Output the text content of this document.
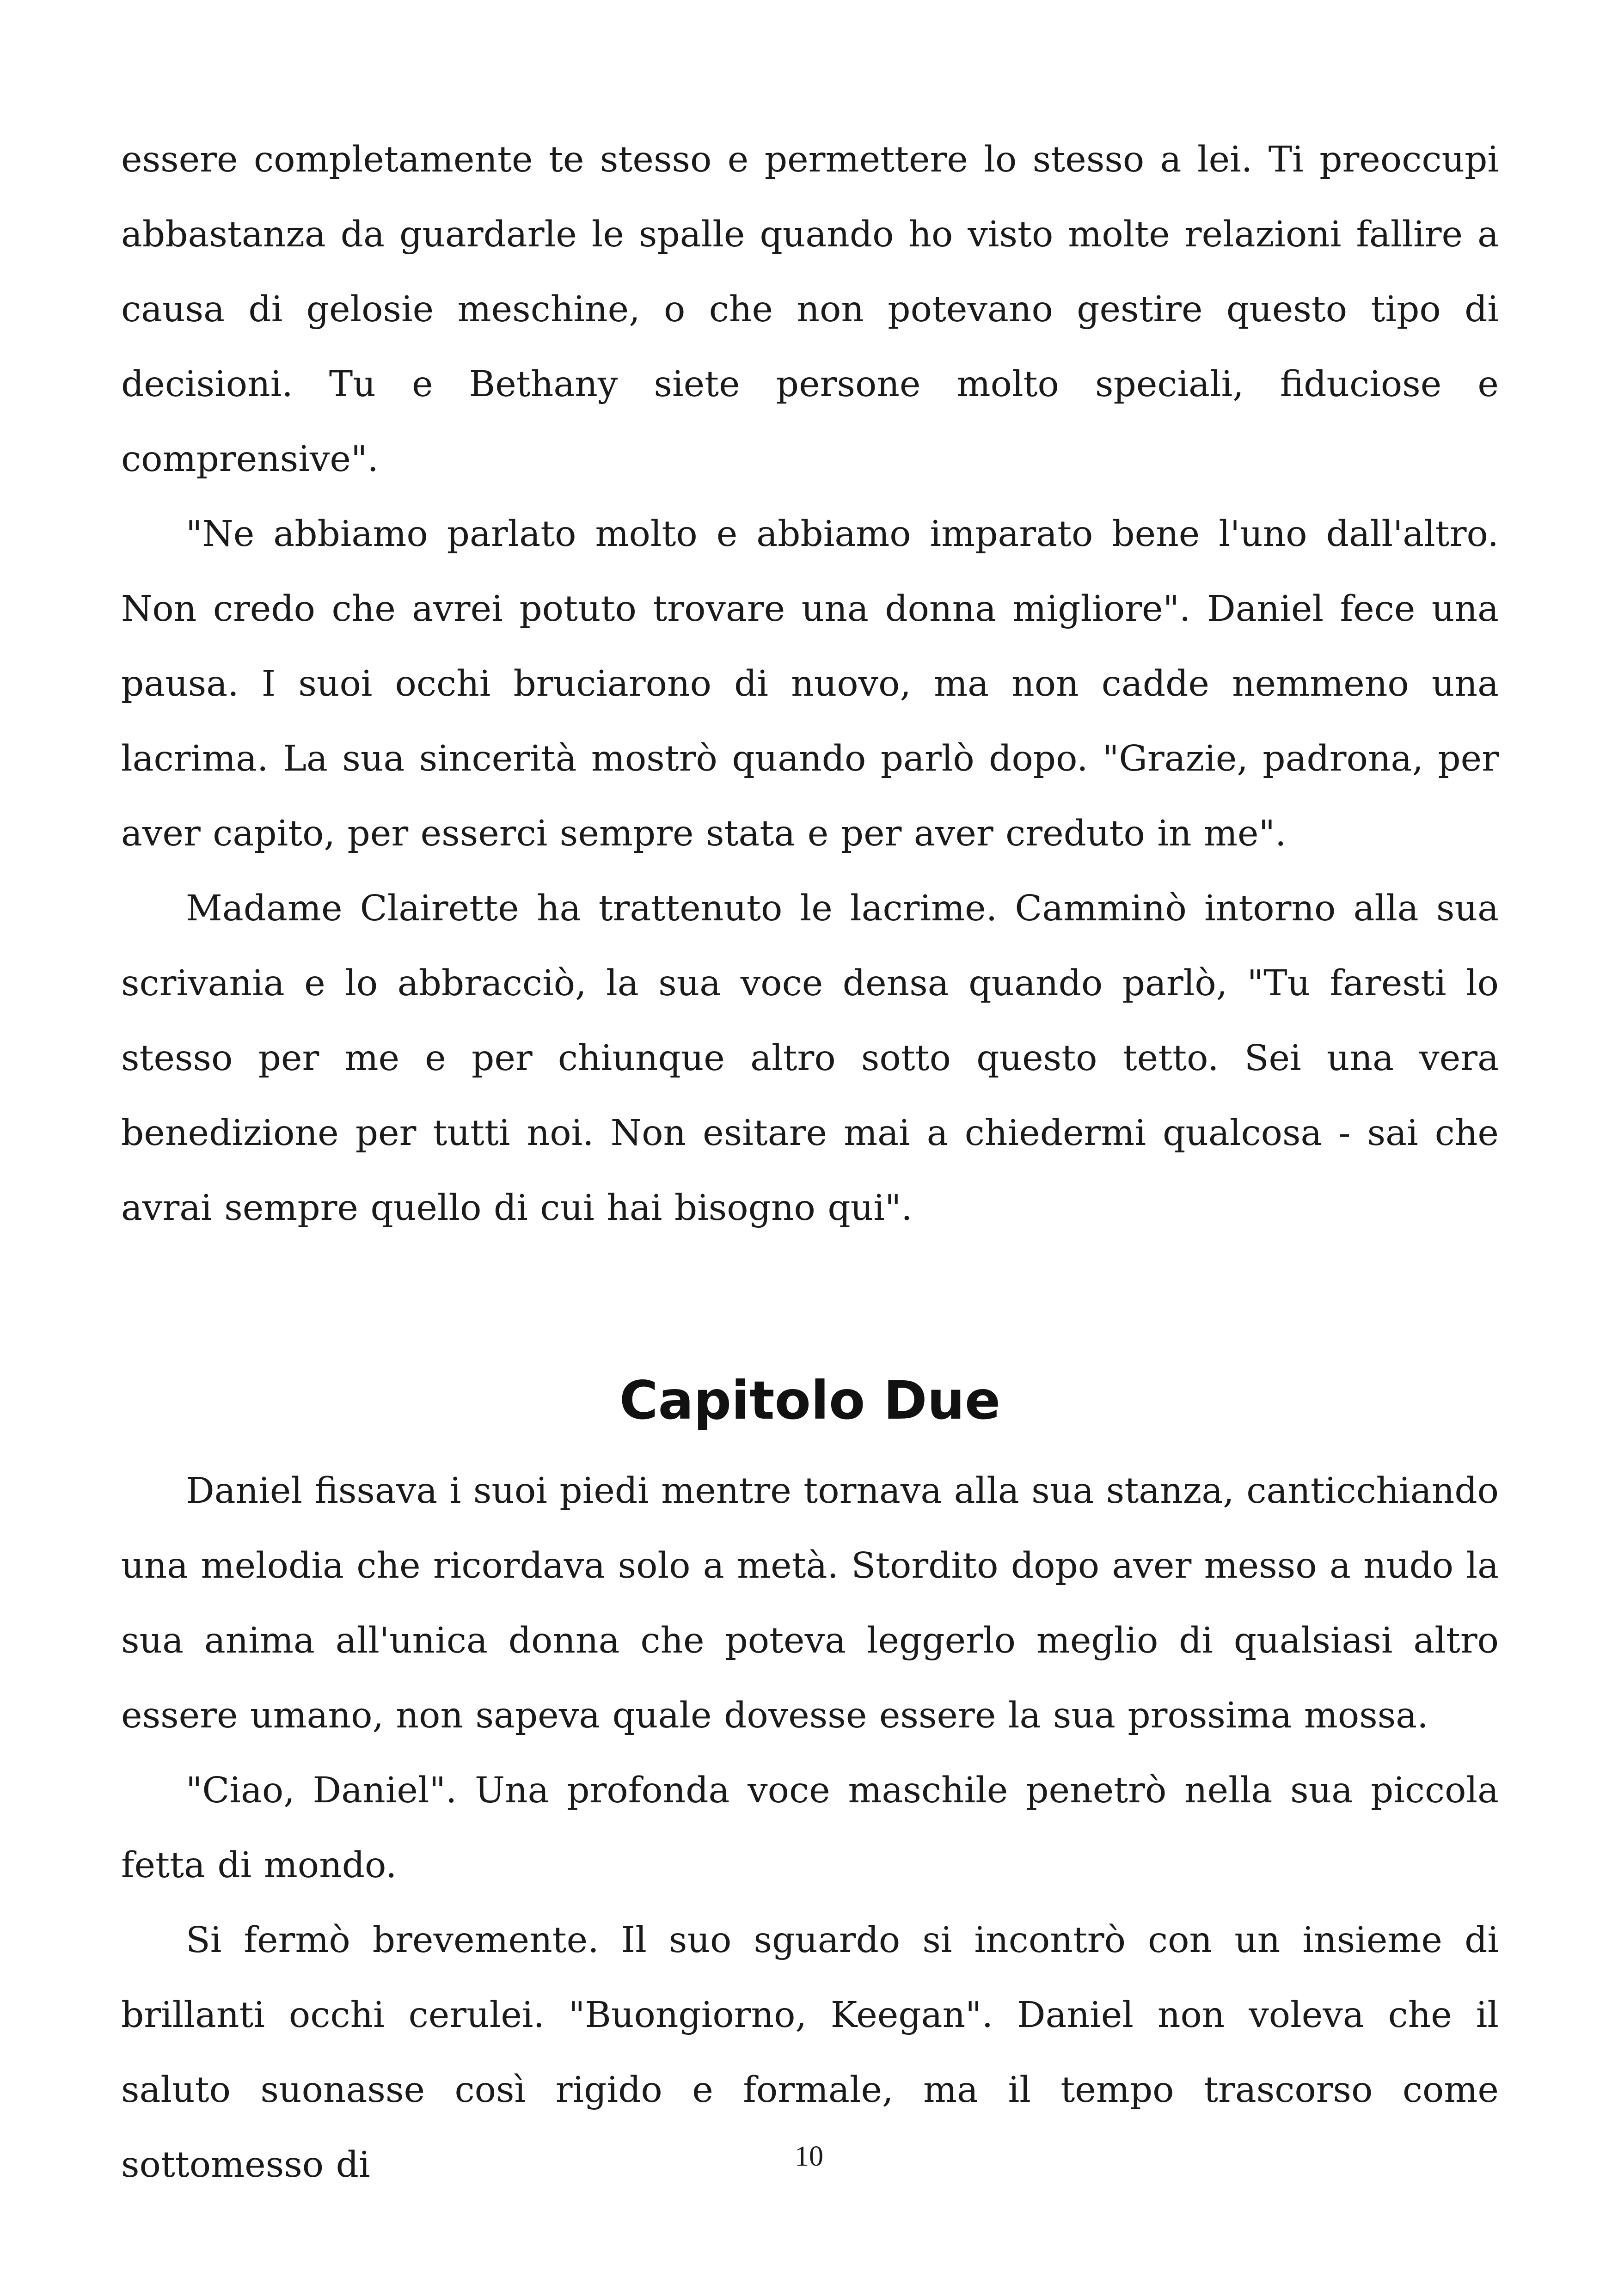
essere completamente te stesso e permettere lo stesso a lei. Ti preoccupi abbastanza da guardarle le spalle quando ho visto molte relazioni fallire a causa di gelosie meschine, o che non potevano gestire questo tipo di decisioni. Tu e Bethany siete persone molto speciali, fiduciose e comprensive".

"Ne abbiamo parlato molto e abbiamo imparato bene l'uno dall'altro. Non credo che avrei potuto trovare una donna migliore". Daniel fece una pausa. I suoi occhi bruciarono di nuovo, ma non cadde nemmeno una lacrima. La sua sincerità mostrò quando parlò dopo. "Grazie, padrona, per aver capito, per esserci sempre stata e per aver creduto in me".

Madame Clairette ha trattenuto le lacrime. Camminò intorno alla sua scrivania e lo abbracciò, la sua voce densa quando parlò, "Tu faresti lo stesso per me e per chiunque altro sotto questo tetto. Sei una vera benedizione per tutti noi. Non esitare mai a chiedermi qualcosa - sai che avrai sempre quello di cui hai bisogno qui".

Capitolo Due

Daniel fissava i suoi piedi mentre tornava alla sua stanza, canticchiando una melodia che ricordava solo a metà. Stordito dopo aver messo a nudo la sua anima all'unica donna che poteva leggerlo meglio di qualsiasi altro essere umano, non sapeva quale dovesse essere la sua prossima mossa.

"Ciao, Daniel". Una profonda voce maschile penetrò nella sua piccola fetta di mondo.

Si fermò brevemente. Il suo sguardo si incontrò con un insieme di brillanti occhi cerulei. "Buongiorno, Keegan". Daniel non voleva che il saluto suonasse così rigido e formale, ma il tempo trascorso come sottomesso di	10
